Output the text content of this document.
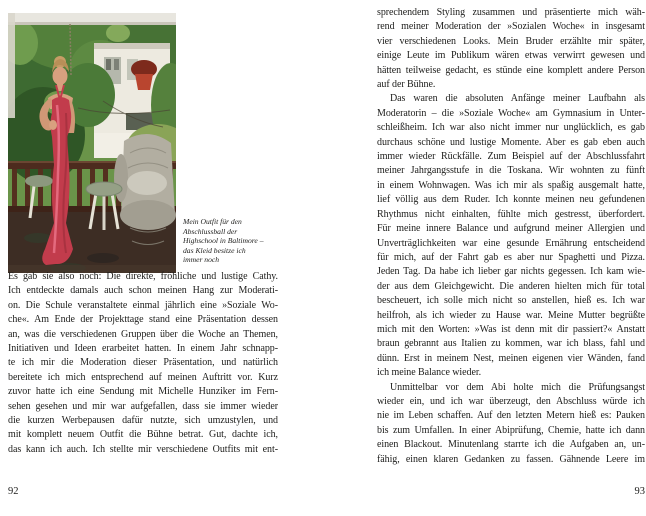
Mein Outfit für den
Abschlussball der
Highschool in Baltimore –
das Kleid besitze ich
immer noch
Es gab sie also noch: Die direkte, fröhliche und lustige Cathy.
Ich entdeckte damals auch schon meinen Hang zur Moderati-
on. Die Schule veranstaltete einmal jährlich eine »Soziale Wo-
che«. Am Ende der Projekttage stand eine Präsentation dessen
an, was die verschiedenen Gruppen über die Woche an Themen,
Initiativen und Ideen erarbeitet hatten. In einem Jahr schnapp-
te ich mir die Moderation dieser Präsentation, und natürlich
bereitete ich mich entsprechend auf meinen Auftritt vor. Kurz
zuvor hatte ich eine Sendung mit Michelle Hunziker im Fern-
sehen gesehen und mir war aufgefallen, dass sie immer wieder
die kurzen Werbepausen dafür nutzte, sich umzustylen, und
mit komplett neuem Outfit die Bühne betrat. Gut, dachte ich,
das kann ich auch. Ich stellte mir verschiedene Outfits mit ent-
92
sprechendem Styling zusammen und präsentierte mich wäh-
rend meiner Moderation der »Sozialen Woche« in insgesamt
vier verschiedenen Looks. Mein Bruder erzählte mir später,
einige Leute im Publikum wären etwas verwirrt gewesen und
hätten teilweise gedacht, es stünde eine komplett andere Person
auf der Bühne.
Das waren die absoluten Anfänge meiner Laufbahn als
Moderatorin – die »Soziale Woche« am Gymnasium in Unter-
schleißheim. Ich war also nicht immer nur unglücklich, es gab
durchaus schöne und lustige Momente. Aber es gab eben auch
immer wieder Rückfälle. Zum Beispiel auf der Abschlussfahrt
meiner Jahrgangsstufe in die Toskana. Wir wohnten zu fünft
in einem Wohnwagen. Was ich mir als spaßig ausgemalt hatte,
lief völlig aus dem Ruder. Ich konnte meinen neu gefundenen
Rhythmus nicht einhalten, fühlte mich gestresst, überfordert.
Für meine innere Balance und aufgrund meiner Allergien und
Unverträglichkeiten war eine gesunde Ernährung entscheidend
für mich, auf der Fahrt gab es aber nur Spaghetti und Pizza.
Jeden Tag. Da habe ich lieber gar nichts gegessen. Ich kam wie-
der aus dem Gleichgewicht. Die anderen hielten mich für total
bescheuert, ich solle mich nicht so anstellen, hieß es. Ich war
heilfroh, als ich wieder zu Hause war. Meine Mutter begrüßte
mich mit den Worten: »Was ist denn mit dir passiert?« Anstatt
braun gebrannt aus Italien zu kommen, war ich blass, fahl und
dünn. Erst in meinem Nest, meinen eigenen vier Wänden, fand
ich meine Balance wieder.
Unmittelbar vor dem Abi holte mich die Prüfungsangst
wieder ein, und ich war überzeugt, den Abschluss würde ich
nie im Leben schaffen. Auf den letzten Metern hieß es: Pauken
bis zum Umfallen. In einer Abiprüfung, Chemie, hatte ich dann
einen Blackout. Minutenlang starrte ich die Aufgaben an, un-
fähig, einen klaren Gedanken zu fassen. Gähnende Leere im
93
